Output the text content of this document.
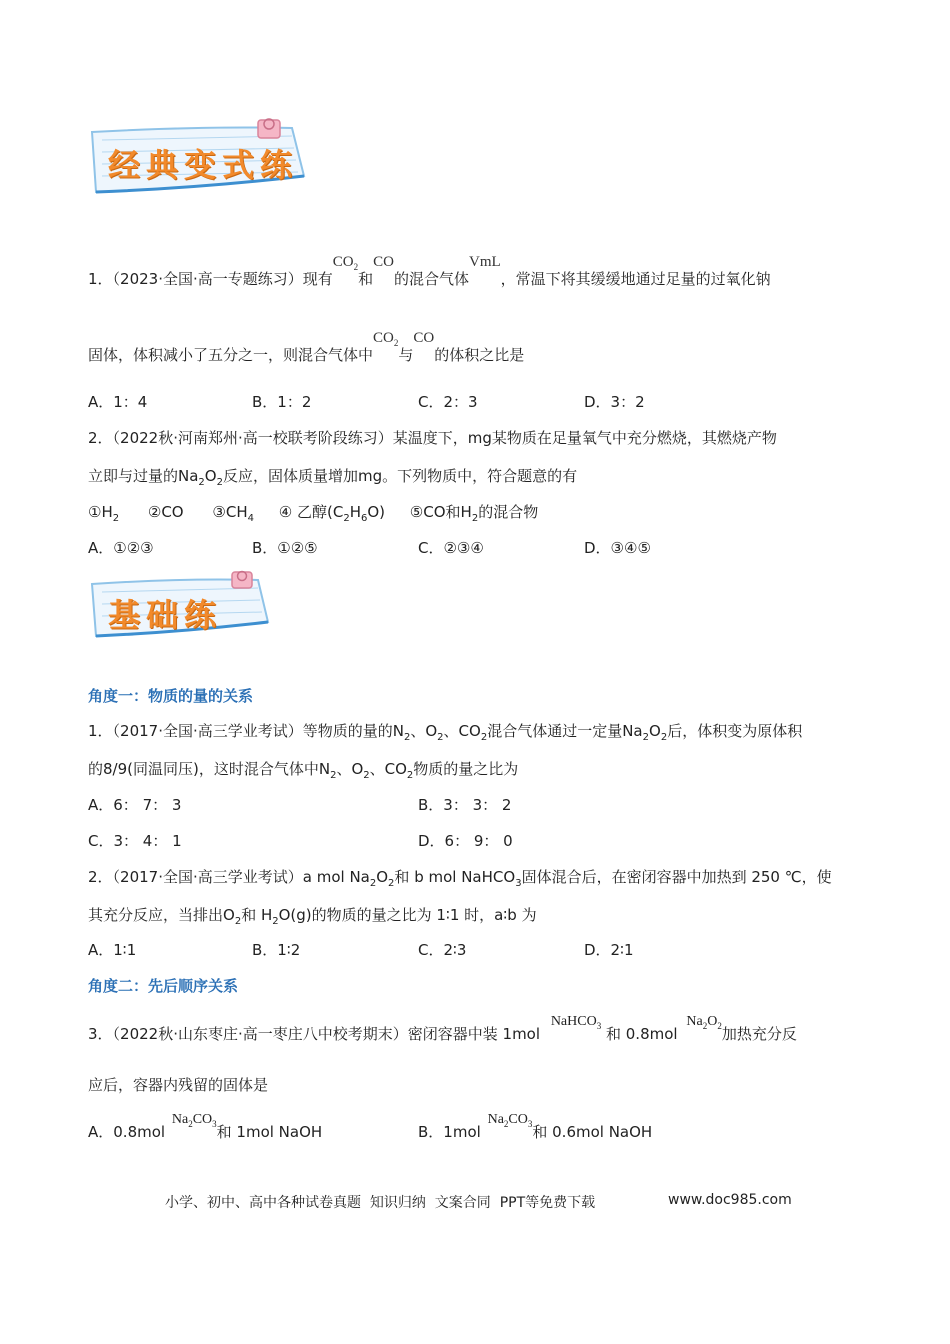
经典变式练
1．（2023·全国·高一专题练习）现有$CO_2$和CO的混合气体VmL，常温下将其缓缓地通过足量的过氧化钠
固体，体积减小了五分之一，则混合气体中$CO_2$与CO的体积之比是
A．1：4	B．1：2	C．2：3	D．3：2
2．（2022秋·河南郑州·高一校联考阶段练习）某温度下，mg某物质在足量氧气中充分燃烧，其燃烧产物
立即与过量的$Na_2O_2$反应，固体质量增加mg。下列物质中，符合题意的有
$①H_2$ ②CO $③CH_4$ ④ 乙醇$(C_2H_6O)$ ⑤CO和$H_2$的混合物
A．①②③	B．①②⑤	C．②③④	D．③④⑤
基础练
角度一：物质的量的关系
1．（2017·全国·高三学业考试）等物质的量的$N_2$、$O_2$、$CO_2$混合气体通过一定量$Na_2O_2$后，体积变为原体积
的8/9(同温同压)，这时混合气体中$N_2$、$O_2$、$CO_2$物质的量之比为
A．6： 7： 3	B．3： 3： 2
C．3： 4： 1	D．6： 9： 0
2．（2017·全国·高三学业考试）a mol $Na_2O_2$和 b mol NaHCO$_3$固体混合后，在密闭容器中加热到 250 ℃，使
其充分反应，当排出$O_2$和 $H_2O(g)$的物质的量之比为 1∶1 时，a∶b 为
A．1∶1	B．1∶2	C．2∶3	D．2∶1
角度二：先后顺序关系
3．（2022秋·山东枣庄·高一枣庄八中校考期末）密闭容器中装 1mol NaHCO$_3$ 和 0.8mol $Na_2O_2$加热充分反
应后，容器内残留的固体是
A．0.8mol $Na_2CO_3$和 1mol NaOH	B．1mol $Na_2CO_3$和 0.6mol NaOH
小学、初中、高中各种试卷真题  知识归纳  文案合同  PPT等免费下载	www.doc985.com
